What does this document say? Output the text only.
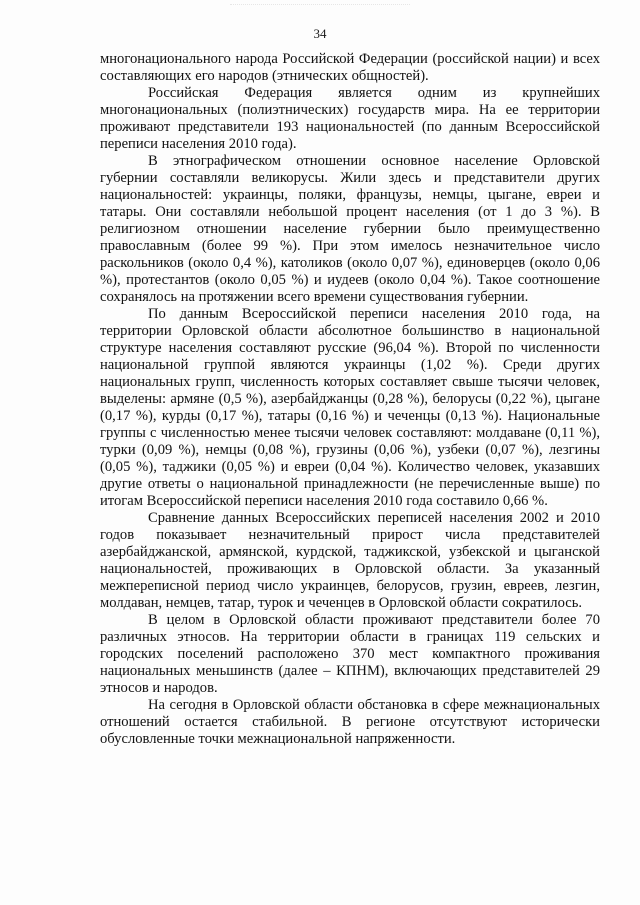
34

многонационального народа Российской Федерации (российской нации) и всех составляющих его народов (этнических общностей).

Российская Федерация является одним из крупнейших многонациональных (полиэтнических) государств мира. На ее территории проживают представители 193 национальностей (по данным Всероссийской переписи населения 2010 года).

В этнографическом отношении основное население Орловской губернии составляли великорусы. Жили здесь и представители других национальностей: украинцы, поляки, французы, немцы, цыгане, евреи и татары. Они составляли небольшой процент населения (от 1 до 3 %). В религиозном отношении население губернии было преимущественно православным (более 99 %). При этом имелось незначительное число раскольников (около 0,4 %), католиков (около 0,07 %), единоверцев (около 0,06 %), протестантов (около 0,05 %) и иудеев (около 0,04 %). Такое соотношение сохранялось на протяжении всего времени существования губернии.

По данным Всероссийской переписи населения 2010 года, на территории Орловской области абсолютное большинство в национальной структуре населения составляют русские (96,04 %). Второй по численности национальной группой являются украинцы (1,02 %). Среди других национальных групп, численность которых составляет свыше тысячи человек, выделены: армяне (0,5 %), азербайджанцы (0,28 %), белорусы (0,22 %), цыгане (0,17 %), курды (0,17 %), татары (0,16 %) и чеченцы (0,13 %). Национальные группы с численностью менее тысячи человек составляют: молдаване (0,11 %), турки (0,09 %), немцы (0,08 %), грузины (0,06 %), узбеки (0,07 %), лезгины (0,05 %), таджики (0,05 %) и евреи (0,04 %). Количество человек, указавших другие ответы о национальной принадлежности (не перечисленные выше) по итогам Всероссийской переписи населения 2010 года составило 0,66 %.

Сравнение данных Всероссийских переписей населения 2002 и 2010 годов показывает незначительный прирост числа представителей азербайджанской, армянской, курдской, таджикской, узбекской и цыганской национальностей, проживающих в Орловской области. За указанный межпереписной период число украинцев, белорусов, грузин, евреев, лезгин, молдаван, немцев, татар, турок и чеченцев в Орловской области сократилось.

В целом в Орловской области проживают представители более 70 различных этносов. На территории области в границах 119 сельских и городских поселений расположено 370 мест компактного проживания национальных меньшинств (далее – КПНМ), включающих представителей 29 этносов и народов.

На сегодня в Орловской области обстановка в сфере межнациональных отношений остается стабильной. В регионе отсутствуют исторически обусловленные точки межнациональной напряженности.
